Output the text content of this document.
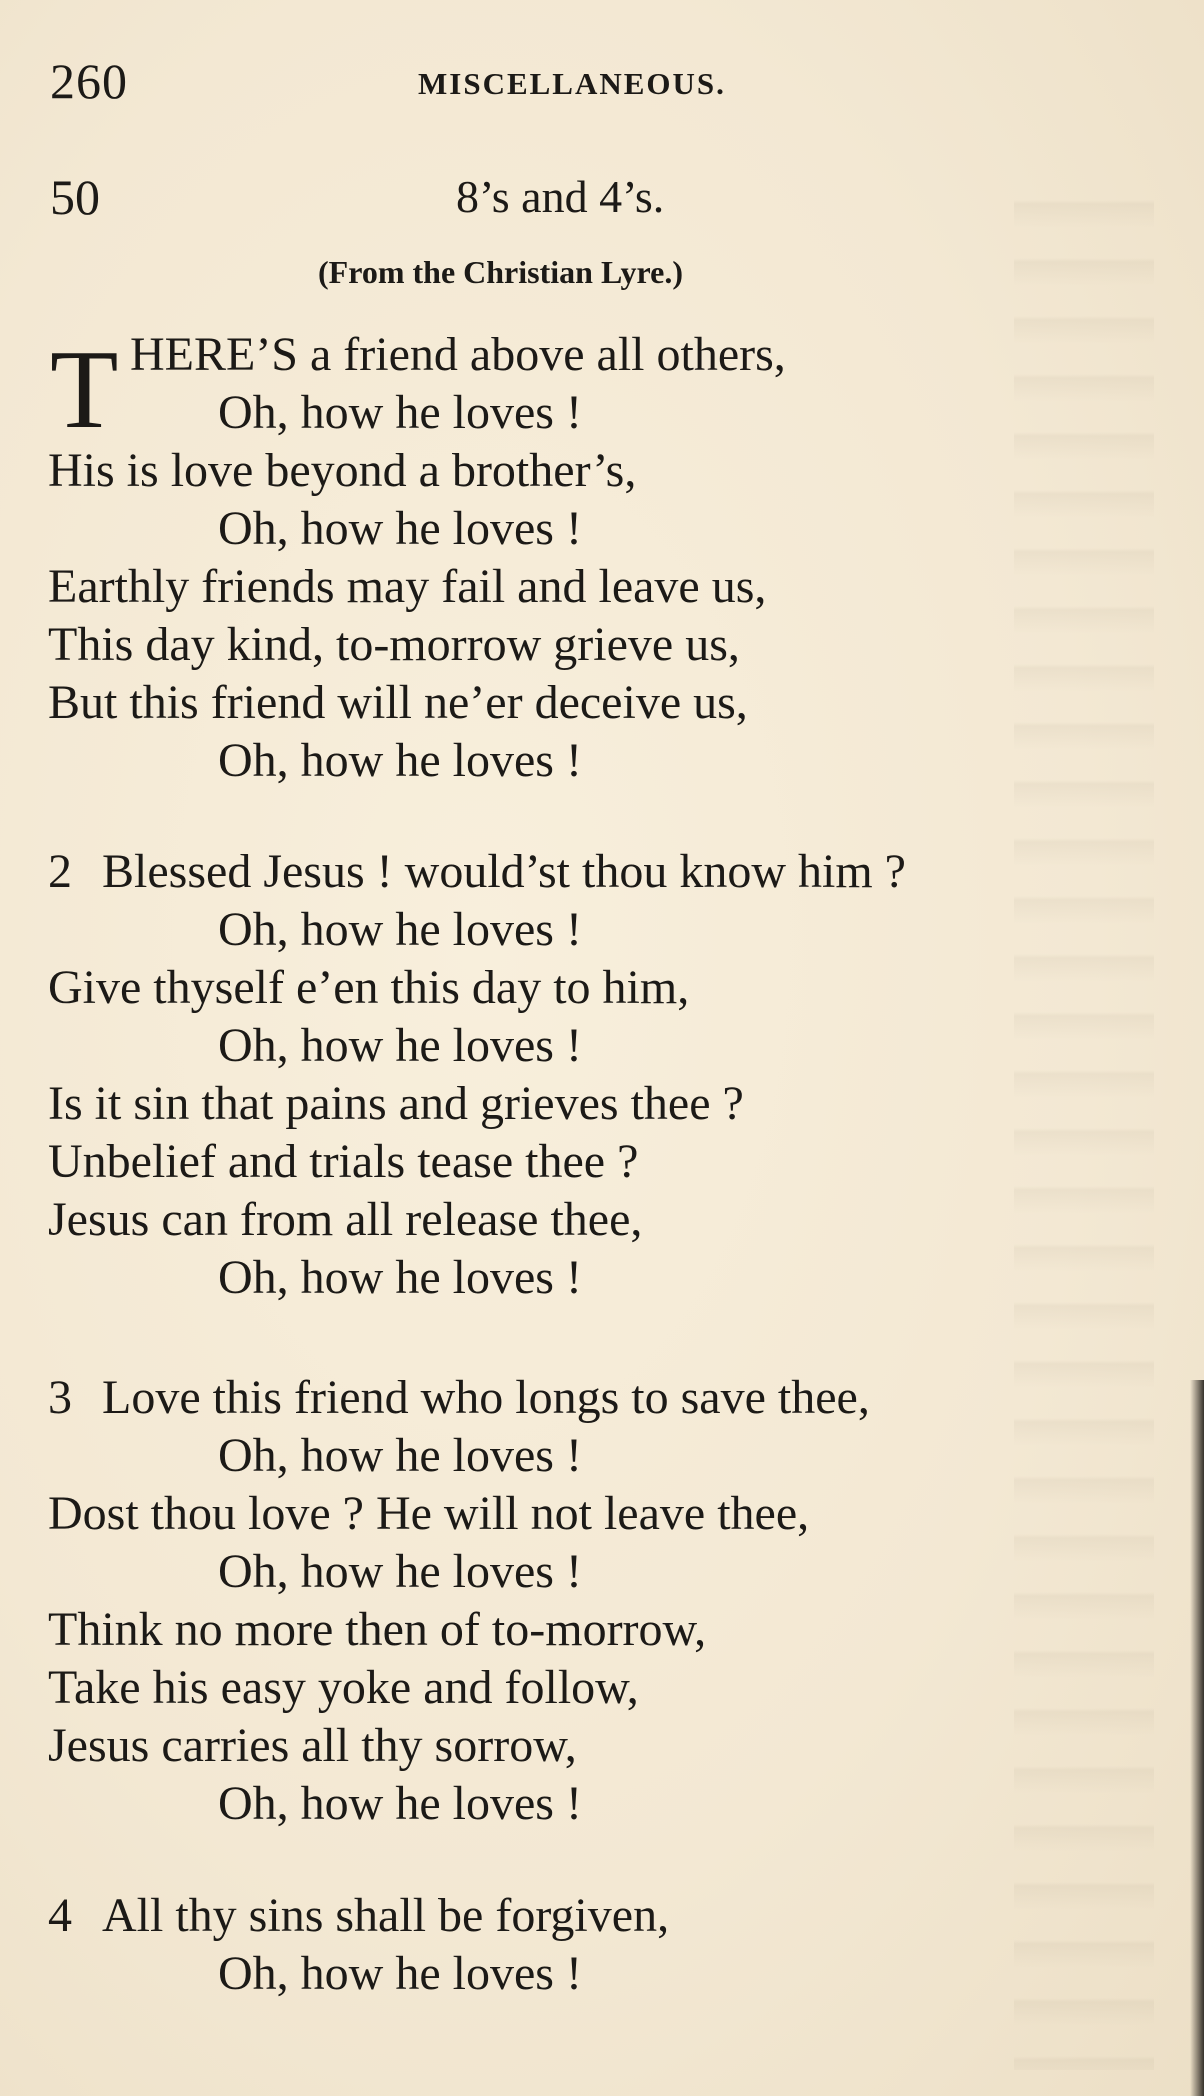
260	MISCELLANEOUS.
50	8’s and 4’s.
(From the Christian Lyre.)
T HERE’S a friend above all others,
Oh, how he loves !
His is love beyond a brother’s,
Oh, how he loves !
Earthly friends may fail and leave us,
This day kind, to-morrow grieve us,
But this friend will ne’er deceive us,
Oh, how he loves !
2 Blessed Jesus ! would’st thou know him ?
Oh, how he loves !
Give thyself e’en this day to him,
Oh, how he loves !
Is it sin that pains and grieves thee ?
Unbelief and trials tease thee ?
Jesus can from all release thee,
Oh, how he loves !
3 Love this friend who longs to save thee,
Oh, how he loves !
Dost thou love ? He will not leave thee,
Oh, how he loves !
Think no more then of to-morrow,
Take his easy yoke and follow,
Jesus carries all thy sorrow,
Oh, how he loves !
4 All thy sins shall be forgiven,
Oh, how he loves !
